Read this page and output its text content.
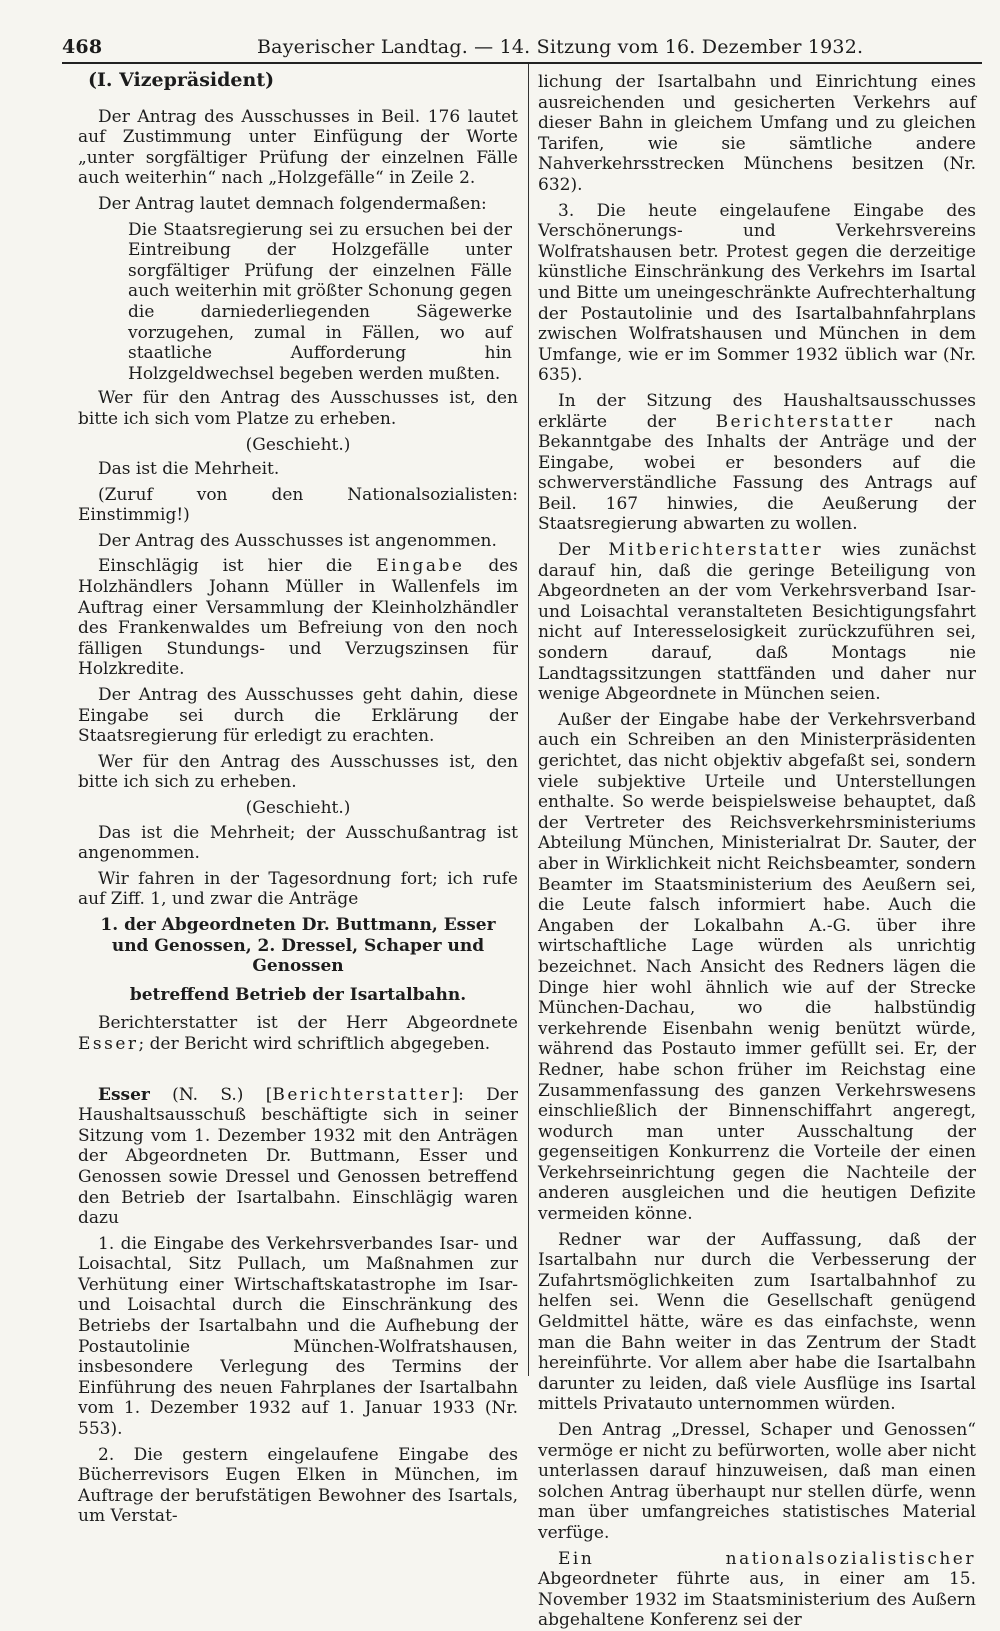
468	Bayerischer Landtag. — 14. Sitzung vom 16. Dezember 1932.
(I. Vizepräsident)

Der Antrag des Ausschusses in Beil. 176 lautet auf Zustimmung unter Einfügung der Worte „unter sorgfältiger Prüfung der einzelnen Fälle auch weiterhin“ nach „Holzgefälle“ in Zeile 2.

Der Antrag lautet demnach folgendermaßen:

Die Staatsregierung sei zu ersuchen bei der Eintreibung der Holzgefälle unter sorgfältiger Prüfung der einzelnen Fälle auch weiterhin mit größter Schonung gegen die darniederliegenden Sägewerke vorzugehen, zumal in Fällen, wo auf staatliche Aufforderung hin Holzgeldwechsel begeben werden mußten.

Wer für den Antrag des Ausschusses ist, den bitte ich sich vom Platze zu erheben.

(Geschieht.)

Das ist die Mehrheit.

(Zuruf von den Nationalsozialisten: Einstimmig!)

Der Antrag des Ausschusses ist angenommen.

Einschlägig ist hier die Eingabe des Holzhändlers Johann Müller in Wallenfels im Auftrag einer Versammlung der Kleinholzhändler des Frankenwaldes um Befreiung von den noch fälligen Stundungs- und Verzugszinsen für Holzkredite.

Der Antrag des Ausschusses geht dahin, diese Eingabe sei durch die Erklärung der Staatsregierung für erledigt zu erachten.

Wer für den Antrag des Ausschusses ist, den bitte ich sich zu erheben.

(Geschieht.)

Das ist die Mehrheit; der Ausschußantrag ist angenommen.

Wir fahren in der Tagesordnung fort; ich rufe auf Ziff. 1, und zwar die Anträge

1. der Abgeordneten Dr. Buttmann, Esser und Genossen, 2. Dressel, Schaper und Genossen

betreffend Betrieb der Isartalbahn.

Berichterstatter ist der Herr Abgeordnete Esser; der Bericht wird schriftlich abgegeben.

Esser (N. S.) [Berichterstatter]: Der Haushaltsausschuß beschäftigte sich in seiner Sitzung vom 1. Dezember 1932 mit den Anträgen der Abgeordneten Dr. Buttmann, Esser und Genossen sowie Dressel und Genossen betreffend den Betrieb der Isartalbahn. Einschlägig waren dazu

1. die Eingabe des Verkehrsverbandes Isar- und Loisachtal, Sitz Pullach, um Maßnahmen zur Verhütung einer Wirtschaftskatastrophe im Isar- und Loisachtal durch die Einschränkung des Betriebs der Isartalbahn und die Aufhebung der Postautolinie München-Wolfratshausen, insbesondere Verlegung des Termins der Einführung des neuen Fahrplanes der Isartalbahn vom 1. Dezember 1932 auf 1. Januar 1933 (Nr. 553).

2. Die gestern eingelaufene Eingabe des Bücherrevisors Eugen Elken in München, im Auftrage der berufstätigen Bewohner des Isartals, um Verstat-

lichung der Isartalbahn und Einrichtung eines ausreichenden und gesicherten Verkehrs auf dieser Bahn in gleichem Umfang und zu gleichen Tarifen, wie sie sämtliche andere Nahverkehrsstrecken Münchens besitzen (Nr. 632).

3. Die heute eingelaufene Eingabe des Verschönerungs- und Verkehrsvereins Wolfratshausen betr. Protest gegen die derzeitige künstliche Einschränkung des Verkehrs im Isartal und Bitte um uneingeschränkte Aufrechterhaltung der Postautolinie und des Isartalbahnfahrplans zwischen Wolfratshausen und München in dem Umfange, wie er im Sommer 1932 üblich war (Nr. 635).

In der Sitzung des Haushaltsausschusses erklärte der Berichterstatter nach Bekanntgabe des Inhalts der Anträge und der Eingabe, wobei er besonders auf die schwerverständliche Fassung des Antrags auf Beil. 167 hinwies, die Aeußerung der Staatsregierung abwarten zu wollen.

Der Mitberichterstatter wies zunächst darauf hin, daß die geringe Beteiligung von Abgeordneten an der vom Verkehrsverband Isar- und Loisachtal veranstalteten Besichtigungsfahrt nicht auf Interesselosigkeit zurückzuführen sei, sondern darauf, daß Montags nie Landtagssitzungen stattfänden und daher nur wenige Abgeordnete in München seien.

Außer der Eingabe habe der Verkehrsverband auch ein Schreiben an den Ministerpräsidenten gerichtet, das nicht objektiv abgefaßt sei, sondern viele subjektive Urteile und Unterstellungen enthalte. So werde beispielsweise behauptet, daß der Vertreter des Reichsverkehrsministeriums Abteilung München, Ministerialrat Dr. Sauter, der aber in Wirklichkeit nicht Reichsbeamter, sondern Beamter im Staatsministerium des Aeußern sei, die Leute falsch informiert habe. Auch die Angaben der Lokalbahn A.-G. über ihre wirtschaftliche Lage würden als unrichtig bezeichnet. Nach Ansicht des Redners lägen die Dinge hier wohl ähnlich wie auf der Strecke München-Dachau, wo die halbstündig verkehrende Eisenbahn wenig benützt würde, während das Postauto immer gefüllt sei. Er, der Redner, habe schon früher im Reichstag eine Zusammenfassung des ganzen Verkehrswesens einschließlich der Binnenschiffahrt angeregt, wodurch man unter Ausschaltung der gegenseitigen Konkurrenz die Vorteile der einen Verkehrseinrichtung gegen die Nachteile der anderen ausgleichen und die heutigen Defizite vermeiden könne.

Redner war der Auffassung, daß der Isartalbahn nur durch die Verbesserung der Zufahrtsmöglichkeiten zum Isartalbahnhof zu helfen sei. Wenn die Gesellschaft genügend Geldmittel hätte, wäre es das einfachste, wenn man die Bahn weiter in das Zentrum der Stadt hereinführte. Vor allem aber habe die Isartalbahn darunter zu leiden, daß viele Ausflüge ins Isartal mittels Privatauto unternommen würden.

Den Antrag „Dressel, Schaper und Genossen“ vermöge er nicht zu befürworten, wolle aber nicht unterlassen darauf hinzuweisen, daß man einen solchen Antrag überhaupt nur stellen dürfe, wenn man über umfangreiches statistisches Material verfüge.

Ein nationalsozialistischer Abgeordneter führte aus, in einer am 15. November 1932 im Staatsministerium des Außern abgehaltene Konferenz sei der
